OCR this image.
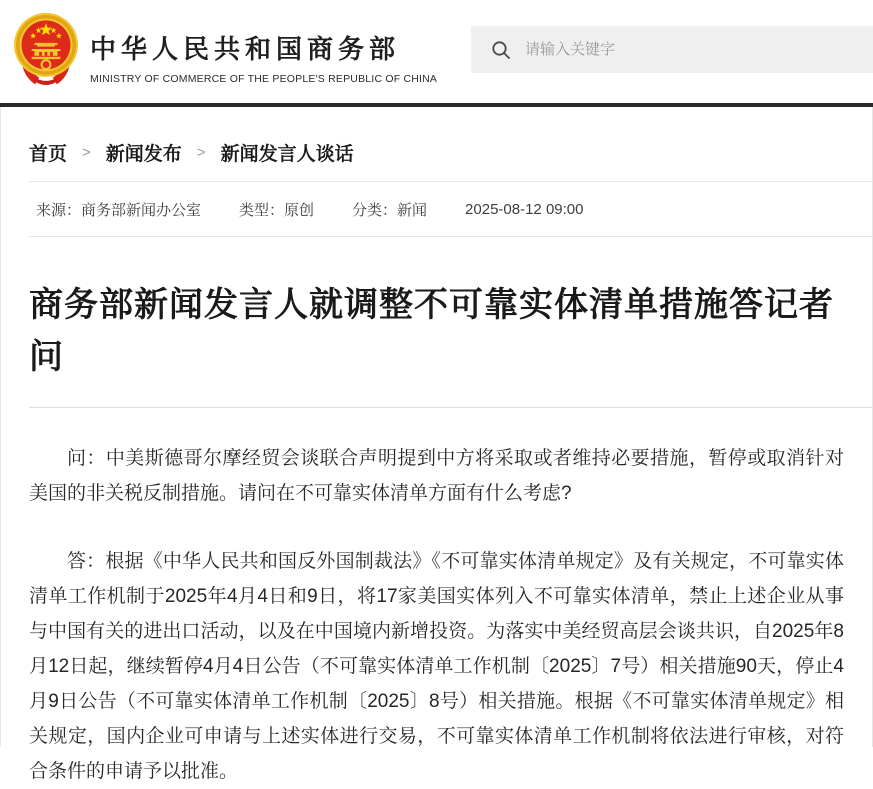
中华人民共和国商务部
MINISTRY OF COMMERCE OF THE PEOPLE'S REPUBLIC OF CHINA
请输入关键字
首页 > 新闻发布 > 新闻发言人谈话
来源：商务部新闻办公室	类型：原创	分类：新闻	2025-08-12 09:00
商务部新闻发言人就调整不可靠实体清单措施答记者问

问：中美斯德哥尔摩经贸会谈联合声明提到中方将采取或者维持必要措施，暂停或取消针对美国的非关税反制措施。请问在不可靠实体清单方面有什么考虑?

答：根据《中华人民共和国反外国制裁法》《不可靠实体清单规定》及有关规定，不可靠实体清单工作机制于2025年4月4日和9日，将17家美国实体列入不可靠实体清单，禁止上述企业从事与中国有关的进出口活动，以及在中国境内新增投资。为落实中美经贸高层会谈共识，自2025年8月12日起，继续暂停4月4日公告（不可靠实体清单工作机制〔2025〕7号）相关措施90天，停止4月9日公告（不可靠实体清单工作机制〔2025〕8号）相关措施。根据《不可靠实体清单规定》相关规定，国内企业可申请与上述实体进行交易，不可靠实体清单工作机制将依法进行审核，对符合条件的申请予以批准。
